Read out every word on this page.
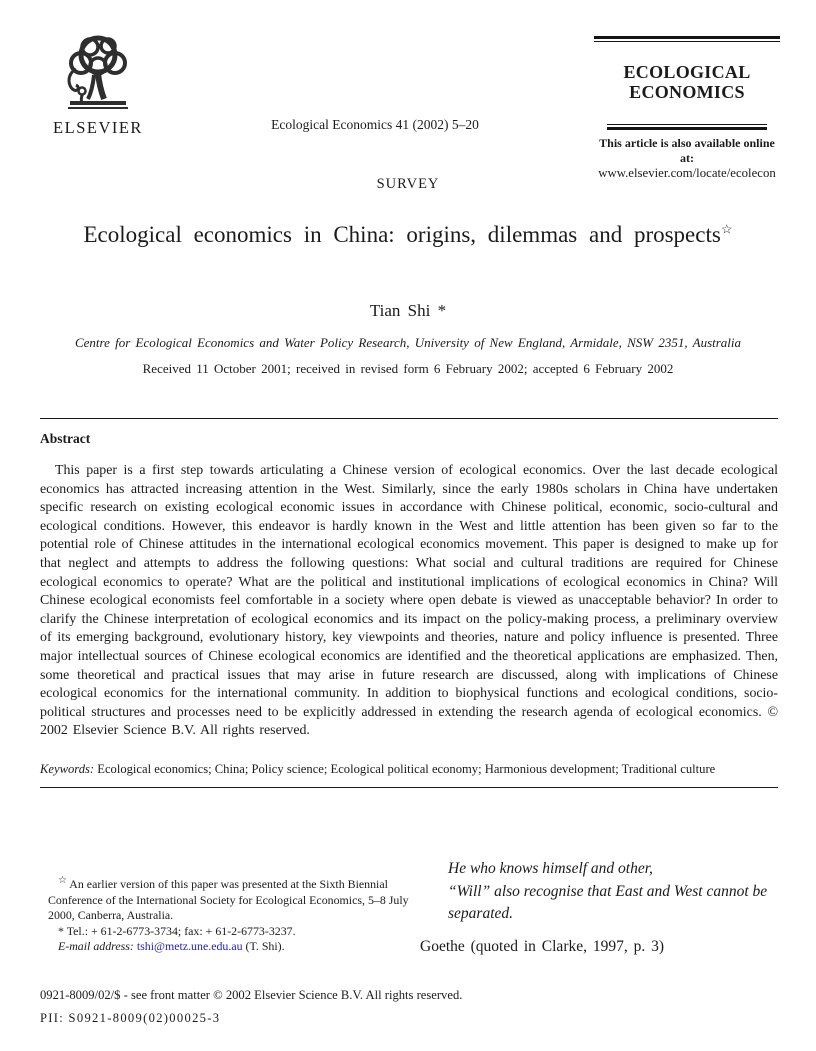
ELSEVIER	Ecological Economics 41 (2002) 5–20
ECOLOGICAL
ECONOMICS
This article is also available online at:
www.elsevier.com/locate/ecolecon
SURVEY
Ecological economics in China: origins, dilemmas and prospects☆
Tian Shi *
Centre for Ecological Economics and Water Policy Research, University of New England, Armidale, NSW 2351, Australia
Received 11 October 2001; received in revised form 6 February 2002; accepted 6 February 2002
Abstract
This paper is a first step towards articulating a Chinese version of ecological economics. Over the last decade ecological economics has attracted increasing attention in the West. Similarly, since the early 1980s scholars in China have undertaken specific research on existing ecological economic issues in accordance with Chinese political, economic, socio-cultural and ecological conditions. However, this endeavor is hardly known in the West and little attention has been given so far to the potential role of Chinese attitudes in the international ecological economics movement. This paper is designed to make up for that neglect and attempts to address the following questions: What social and cultural traditions are required for Chinese ecological economics to operate? What are the political and institutional implications of ecological economics in China? Will Chinese ecological economists feel comfortable in a society where open debate is viewed as unacceptable behavior? In order to clarify the Chinese interpretation of ecological economics and its impact on the policy-making process, a preliminary overview of its emerging background, evolutionary history, key viewpoints and theories, nature and policy influence is presented. Three major intellectual sources of Chinese ecological economics are identified and the theoretical applications are emphasized. Then, some theoretical and practical issues that may arise in future research are discussed, along with implications of Chinese ecological economics for the international community. In addition to biophysical functions and ecological conditions, socio-political structures and processes need to be explicitly addressed in extending the research agenda of ecological economics. © 2002 Elsevier Science B.V. All rights reserved.
Keywords: Ecological economics; China; Policy science; Ecological political economy; Harmonious development; Traditional culture
He who knows himself and other,
“Will” also recognise that East and West cannot be separated.
Goethe (quoted in Clarke, 1997, p. 3)

☆ An earlier version of this paper was presented at the Sixth Biennial Conference of the International Society for Ecological Economics, 5–8 July 2000, Canberra, Australia.

* Tel.: + 61-2-6773-3734; fax: + 61-2-6773-3237.

E-mail address: tshi@metz.une.edu.au (T. Shi).

0921-8009/02/$ - see front matter © 2002 Elsevier Science B.V. All rights reserved.
PII: S0921-8009(02)00025-3
